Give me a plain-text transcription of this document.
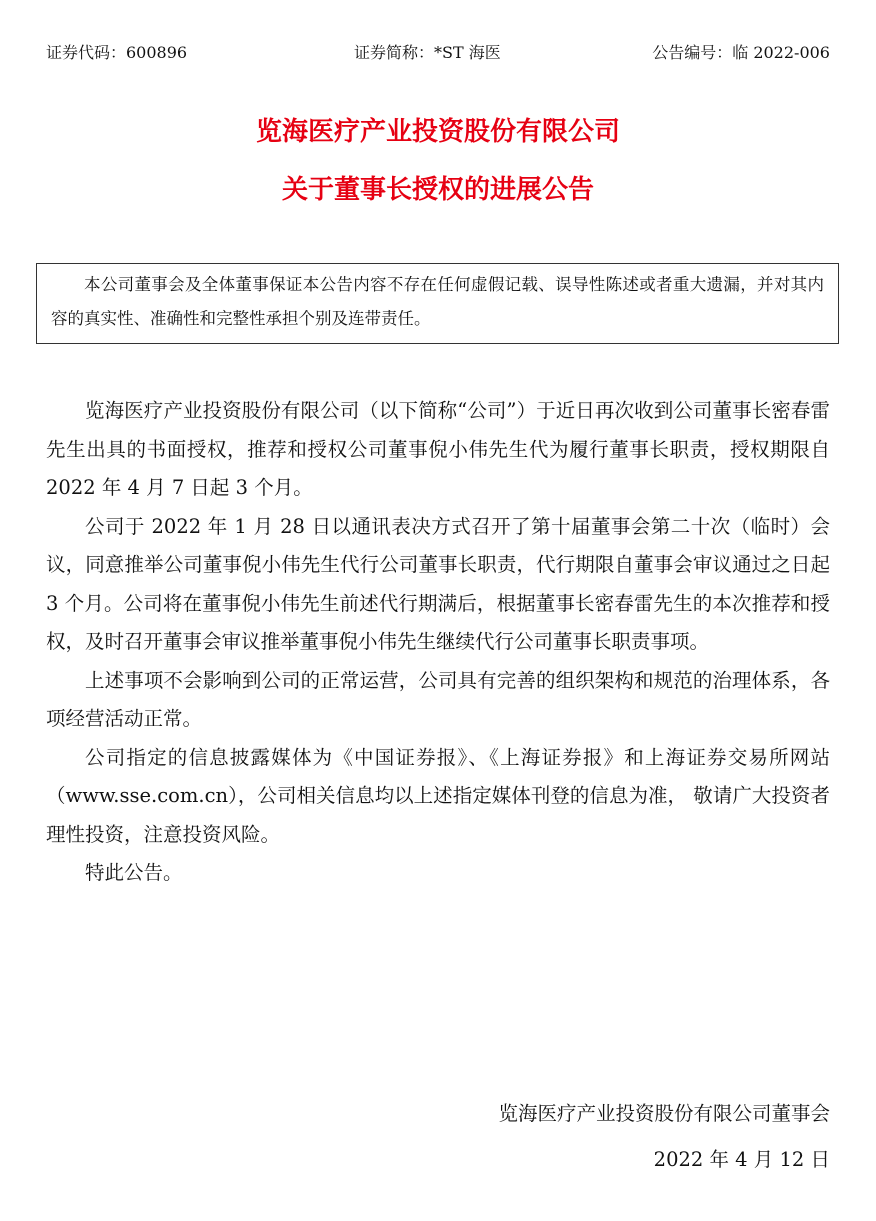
证券代码：600896	证券简称：*ST 海医	公告编号：临 2022-006
览海医疗产业投资股份有限公司
关于董事长授权的进展公告
本公司董事会及全体董事保证本公告内容不存在任何虚假记载、误导性陈述或者重大遗漏，并对其内容的真实性、准确性和完整性承担个别及连带责任。

览海医疗产业投资股份有限公司（以下简称“公司”）于近日再次收到公司董事长密春雷先生出具的书面授权，推荐和授权公司董事倪小伟先生代为履行董事长职责，授权期限自 2022 年 4 月 7 日起 3 个月。

公司于 2022 年 1 月 28 日以通讯表决方式召开了第十届董事会第二十次（临时）会议，同意推举公司董事倪小伟先生代行公司董事长职责，代行期限自董事会审议通过之日起 3 个月。公司将在董事倪小伟先生前述代行期满后，根据董事长密春雷先生的本次推荐和授权，及时召开董事会审议推举董事倪小伟先生继续代行公司董事长职责事项。

上述事项不会影响到公司的正常运营，公司具有完善的组织架构和规范的治理体系，各项经营活动正常。

公司指定的信息披露媒体为《中国证券报》、《上海证券报》和上海证券交易所网站 （www.sse.com.cn），公司相关信息均以上述指定媒体刊登的信息为准， 敬请广大投资者理性投资，注意投资风险。

特此公告。

览海医疗产业投资股份有限公司董事会
2022 年 4 月 12 日
